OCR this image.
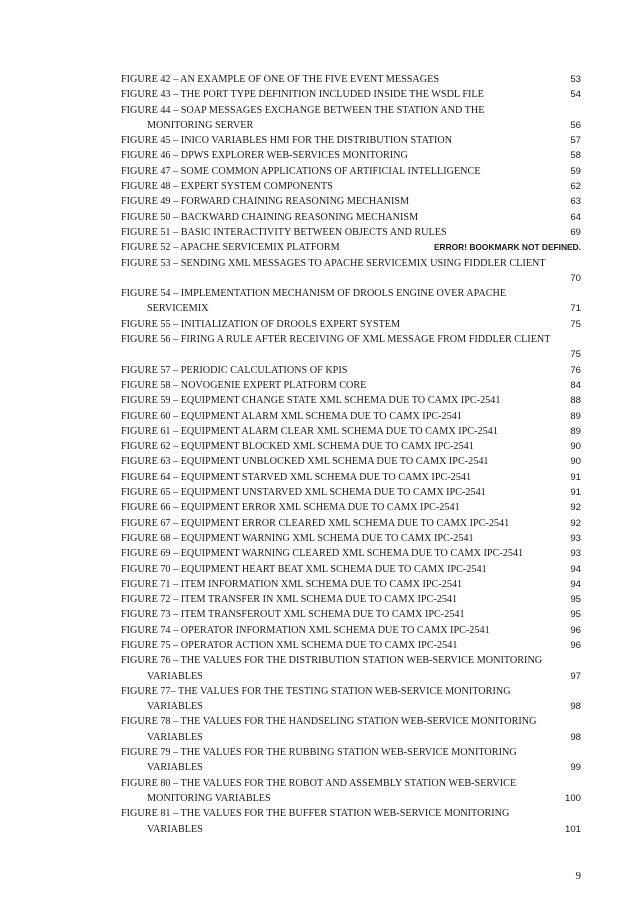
FIGURE 42 – AN EXAMPLE OF ONE OF THE FIVE EVENT MESSAGES	53
FIGURE 43 – THE PORT TYPE DEFINITION INCLUDED INSIDE THE WSDL FILE	54
FIGURE 44 – SOAP MESSAGES EXCHANGE BETWEEN THE STATION AND THE
MONITORING SERVER	56
FIGURE 45 – INICO VARIABLES HMI FOR THE DISTRIBUTION STATION	57
FIGURE 46 – DPWS EXPLORER WEB-SERVICES MONITORING	58
FIGURE 47 – SOME COMMON APPLICATIONS OF ARTIFICIAL INTELLIGENCE	59
FIGURE 48 – EXPERT SYSTEM COMPONENTS	62
FIGURE 49 – FORWARD CHAINING REASONING MECHANISM	63
FIGURE 50 – BACKWARD CHAINING REASONING MECHANISM	64
FIGURE 51 – BASIC INTERACTIVITY BETWEEN OBJECTS AND RULES	69
FIGURE 52 – APACHE SERVICEMIX PLATFORM	ERROR! BOOKMARK NOT DEFINED.
FIGURE 53 – SENDING XML MESSAGES TO APACHE SERVICEMIX USING FIDDLER CLIENT
70
FIGURE 54 – IMPLEMENTATION MECHANISM OF DROOLS ENGINE OVER APACHE
SERVICEMIX	71
FIGURE 55 – INITIALIZATION OF DROOLS EXPERT SYSTEM	75
FIGURE 56 – FIRING A RULE AFTER RECEIVING OF XML MESSAGE FROM FIDDLER CLIENT
75
FIGURE 57 – PERIODIC CALCULATIONS OF KPIS	76
FIGURE 58 – NOVOGENIE EXPERT PLATFORM CORE	84
FIGURE 59 – EQUIPMENT CHANGE STATE XML SCHEMA DUE TO CAMX IPC-2541	88
FIGURE 60 – EQUIPMENT ALARM XML SCHEMA DUE TO CAMX IPC-2541	89
FIGURE 61 – EQUIPMENT ALARM CLEAR XML SCHEMA DUE TO CAMX IPC-2541	89
FIGURE 62 – EQUIPMENT BLOCKED XML SCHEMA DUE TO CAMX IPC-2541	90
FIGURE 63 – EQUIPMENT UNBLOCKED XML SCHEMA DUE TO CAMX IPC-2541	90
FIGURE 64 – EQUIPMENT STARVED XML SCHEMA DUE TO CAMX IPC-2541	91
FIGURE 65 – EQUIPMENT UNSTARVED XML SCHEMA DUE TO CAMX IPC-2541	91
FIGURE 66 – EQUIPMENT ERROR XML SCHEMA DUE TO CAMX IPC-2541	92
FIGURE 67 – EQUIPMENT ERROR CLEARED XML SCHEMA DUE TO CAMX IPC-2541	92
FIGURE 68 – EQUIPMENT WARNING XML SCHEMA DUE TO CAMX IPC-2541	93
FIGURE 69 – EQUIPMENT WARNING CLEARED XML SCHEMA DUE TO CAMX IPC-2541	93
FIGURE 70 – EQUIPMENT HEART BEAT XML SCHEMA DUE TO CAMX IPC-2541	94
FIGURE 71 – ITEM INFORMATION XML SCHEMA DUE TO CAMX IPC-2541	94
FIGURE 72 – ITEM TRANSFER IN XML SCHEMA DUE TO CAMX IPC-2541	95
FIGURE 73 – ITEM TRANSFEROUT XML SCHEMA DUE TO CAMX IPC-2541	95
FIGURE 74 – OPERATOR INFORMATION XML SCHEMA DUE TO CAMX IPC-2541	96
FIGURE 75 – OPERATOR ACTION XML SCHEMA DUE TO CAMX IPC-2541	96
FIGURE 76 – THE VALUES FOR THE DISTRIBUTION STATION WEB-SERVICE MONITORING
VARIABLES	97
FIGURE 77– THE VALUES FOR THE TESTING STATION WEB-SERVICE MONITORING
VARIABLES	98
FIGURE 78 – THE VALUES FOR THE HANDSELING STATION WEB-SERVICE MONITORING
VARIABLES	98
FIGURE 79 – THE VALUES FOR THE RUBBING STATION WEB-SERVICE MONITORING
VARIABLES	99
FIGURE 80 – THE VALUES FOR THE ROBOT AND ASSEMBLY STATION WEB-SERVICE
MONITORING VARIABLES	100
FIGURE 81 – THE VALUES FOR THE BUFFER STATION WEB-SERVICE MONITORING
VARIABLES	101
9
